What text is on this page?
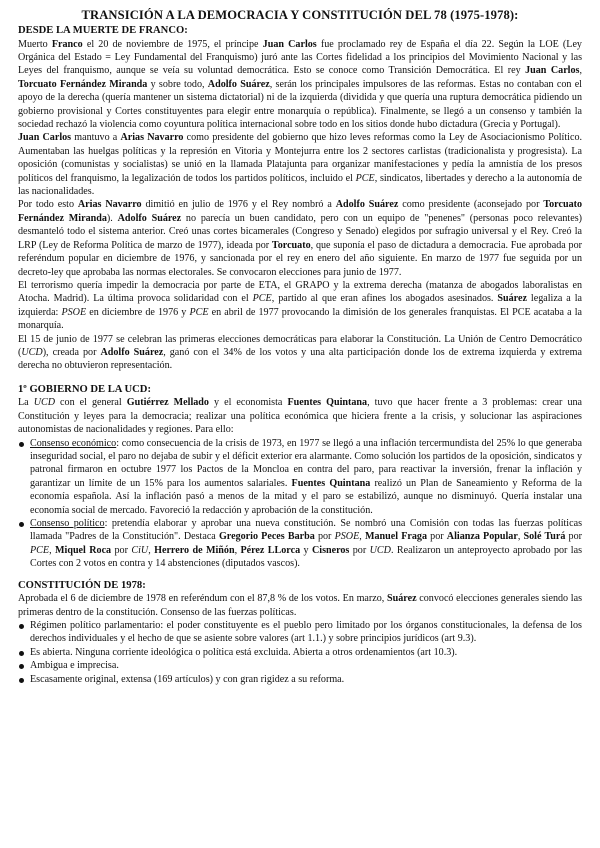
TRANSICIÓN A LA DEMOCRACIA Y CONSTITUCIÓN DEL 78 (1975-1978):
DESDE LA MUERTE DE FRANCO:

Muerto Franco el 20 de noviembre de 1975, el príncipe Juan Carlos fue proclamado rey de España el día 22. Según la LOE (Ley Orgánica del Estado = Ley Fundamental del Franquismo) juró ante las Cortes fidelidad a los principios del Movimiento Nacional y las Leyes del franquismo, aunque se veía su voluntad democrática. Esto se conoce como Transición Democrática. El rey Juan Carlos, Torcuato Fernández Miranda y sobre todo, Adolfo Suárez, serán los principales impulsores de las reformas. Estas no contaban con el apoyo de la derecha (quería mantener un sistema dictatorial) ni de la izquierda (dividida y que quería una ruptura democrática pidiendo un gobierno provisional y Cortes constituyentes para elegir entre monarquía o república). Finalmente, se llegó a un consenso y también la sociedad rechazó la violencia como coyuntura política internacional sobre todo en los sitios donde hubo dictadura (Grecia y Portugal).

Juan Carlos mantuvo a Arias Navarro como presidente del gobierno que hizo leves reformas como la Ley de Asociacionismo Político. Aumentaban las huelgas políticas y la represión en Vitoria y Montejurra entre los 2 sectores carlistas (tradicionalista y progresista). La oposición (comunistas y socialistas) se unió en la llamada Platajunta para organizar manifestaciones y pedía la amnistía de los presos políticos del franquismo, la legalización de todos los partidos políticos, incluido el PCE, sindicatos, libertades y derecho a la autonomía de las nacionalidades.

Por todo esto Arias Navarro dimitió en julio de 1976 y el Rey nombró a Adolfo Suárez como presidente (aconsejado por Torcuato Fernández Miranda). Adolfo Suárez no parecía un buen candidato, pero con un equipo de "penenes" (personas poco relevantes) desmanteló todo el sistema anterior. Creó unas cortes bicamerales (Congreso y Senado) elegidos por sufragio universal y el Rey. Creó la LRP (Ley de Reforma Política de marzo de 1977), ideada por Torcuato, que suponía el paso de dictadura a democracia. Fue aprobada por referéndum popular en diciembre de 1976, y sancionada por el rey en enero del año siguiente. En marzo de 1977 fue seguida por un decreto-ley que aprobaba las normas electorales. Se convocaron elecciones para junio de 1977.

El terrorismo quería impedir la democracia por parte de ETA, el GRAPO y la extrema derecha (matanza de abogados laboralistas en Atocha. Madrid). La última provoca solidaridad con el PCE, partido al que eran afines los abogados asesinados. Suárez legaliza a la izquierda: PSOE en diciembre de 1976 y PCE en abril de 1977 provocando la dimisión de los generales franquistas. El PCE acataba a la monarquía.

El 15 de junio de 1977 se celebran las primeras elecciones democráticas para elaborar la Constitución. La Unión de Centro Democrático (UCD), creada por Adolfo Suárez, ganó con el 34% de los votos y una alta participación donde los de extrema izquierda y extrema derecha no obtuvieron representación.

1º GOBIERNO DE LA UCD:

La UCD con el general Gutiérrez Mellado y el economista Fuentes Quintana, tuvo que hacer frente a 3 problemas: crear una Constitución y leyes para la democracia; realizar una política económica que hiciera frente a la crisis, y solucionar las aspiraciones autonomistas de nacionalidades y regiones. Para ello:

Consenso económico: como consecuencia de la crisis de 1973, en 1977 se llegó a una inflación tercermundista del 25% lo que generaba inseguridad social, el paro no dejaba de subir y el déficit exterior era alarmante. Como solución los partidos de la oposición, sindicatos y patronal firmaron en octubre 1977 los Pactos de la Moncloa en contra del paro, para reactivar la inversión, frenar la inflación y garantizar un límite de un 15% para los aumentos salariales. Fuentes Quintana realizó un Plan de Saneamiento y Reforma de la economía española. Así la inflación pasó a menos de la mitad y el paro se estabilizó, aunque no disminuyó. Quería instalar una economía social de mercado. Favoreció la redacción y aprobación de la constitución.
Consenso político: pretendía elaborar y aprobar una nueva constitución. Se nombró una Comisión con todas las fuerzas políticas llamada "Padres de la Constitución". Destaca Gregorio Peces Barba por PSOE, Manuel Fraga por Alianza Popular, Solé Turá por PCE, Miquel Roca por CiU, Herrero de Miñón, Pérez LLorca y Cisneros por UCD. Realizaron un anteproyecto aprobado por las Cortes con 2 votos en contra y 14 abstenciones (diputados vascos).
CONSTITUCIÓN DE 1978:

Aprobada el 6 de diciembre de 1978 en referéndum con el 87,8 % de los votos. En marzo, Suárez convocó elecciones generales siendo las primeras dentro de la constitución. Consenso de las fuerzas políticas.

Régimen político parlamentario: el poder constituyente es el pueblo pero limitado por los órganos constitucionales, la defensa de los derechos individuales y el hecho de que se asiente sobre valores (art 1.1.) y sobre principios jurídicos (art 9.3).
Es abierta. Ninguna corriente ideológica o política está excluida. Abierta a otros ordenamientos (art 10.3).
Ambigua e imprecisa.
Escasamente original, extensa (169 artículos) y con gran rigidez a su reforma.
